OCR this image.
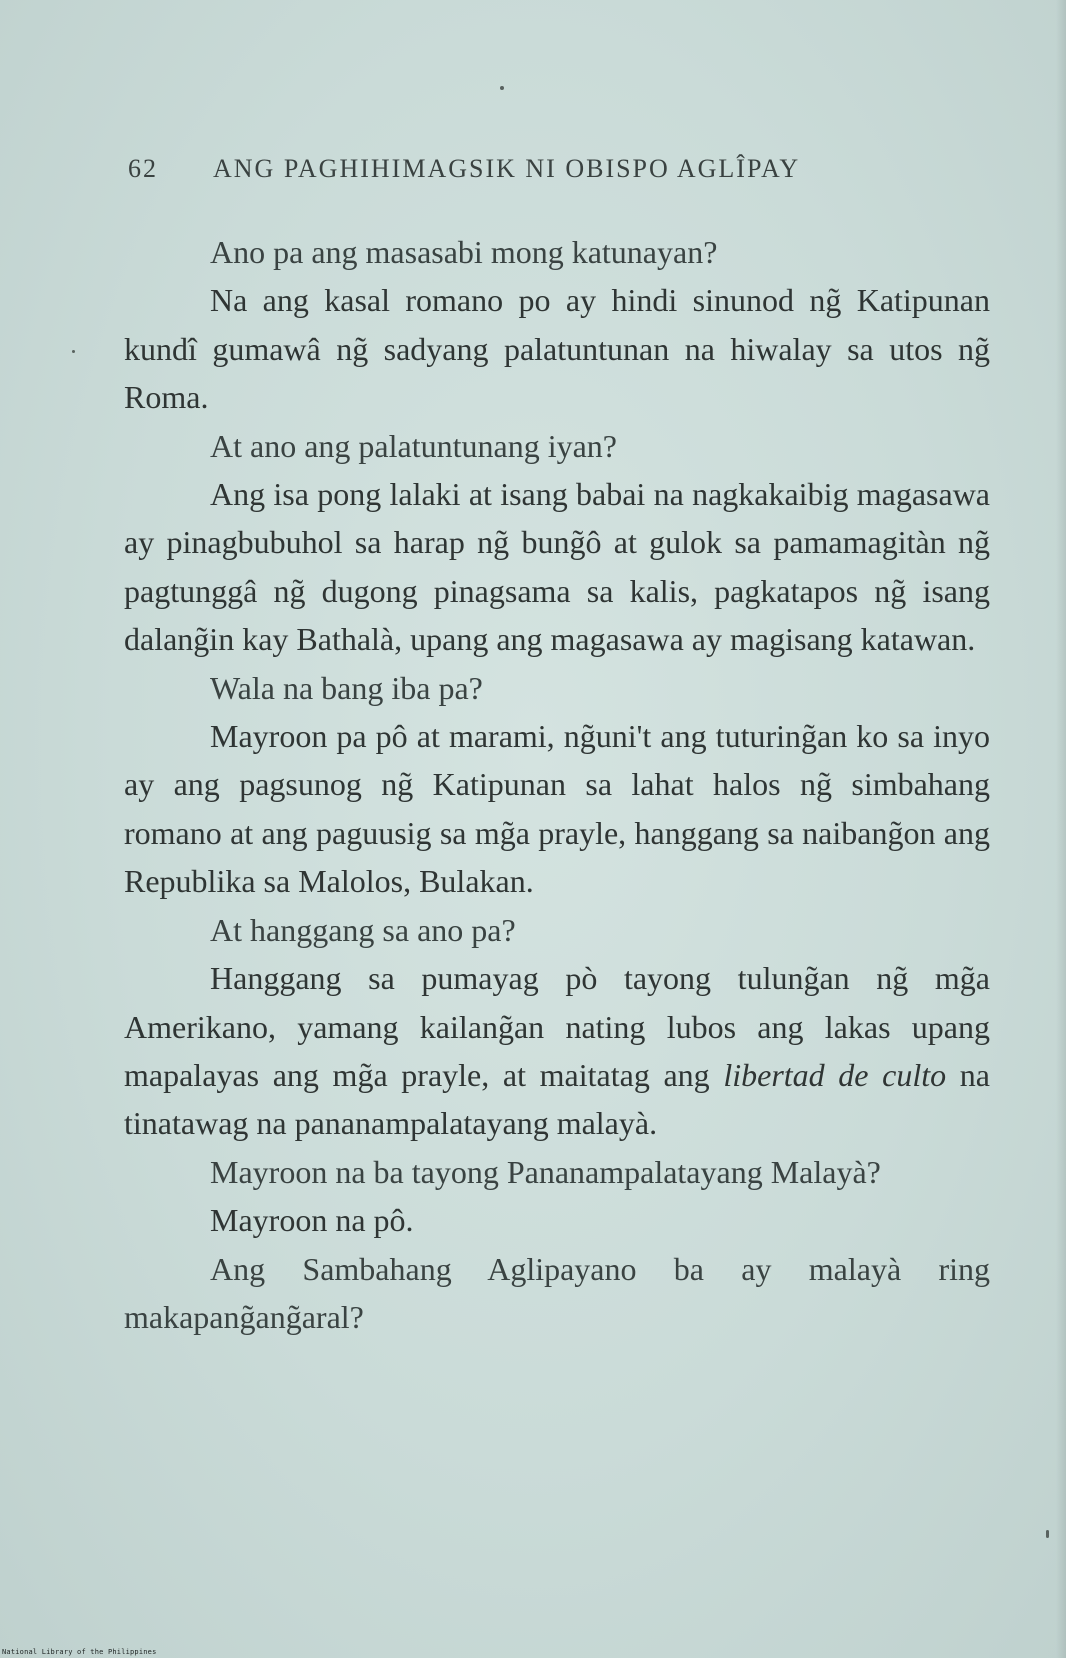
62 ANG PAGHIHIMAGSIK NI OBISPO AGLÎPAY

Ano pa ang masasabi mong katunayan?

Na ang kasal romano po ay hindi sinunod ng̃ Katipunan kundî gumawâ ng̃ sadyang palatuntunan na hiwalay sa utos ng̃ Roma.

At ano ang palatuntunang iyan?

Ang isa pong lalaki at isang babai na nagkakaibig magasawa ay pinagbubuhol sa harap ng̃ bung̃ô at gulok sa pamamagitàn ng̃ pagtunggâ ng̃ dugong pinagsama sa kalis, pagkatapos ng̃ isang dalang̃in kay Bathalà, upang ang magasawa ay magisang katawan.

Wala na bang iba pa?

Mayroon pa pô at marami, ng̃uni't ang tuturing̃an ko sa inyo ay ang pagsunog ng̃ Katipunan sa lahat halos ng̃ simbahang romano at ang paguusig sa mg̃a prayle, hanggang sa naibang̃on ang Republika sa Malolos, Bulakan.

At hanggang sa ano pa?

Hanggang sa pumayag pò tayong tulung̃an ng̃ mg̃a Amerikano, yamang kailang̃an nating lubos ang lakas upang mapalayas ang mg̃a prayle, at maitatag ang libertad de culto na tinatawag na pananampalatayang malayà.

Mayroon na ba tayong Pananampalatayang Malayà?

Mayroon na pô.

Ang Sambahang Aglipayano ba ay malayà ring makapang̃ang̃aral?

National Library of the Philippines
